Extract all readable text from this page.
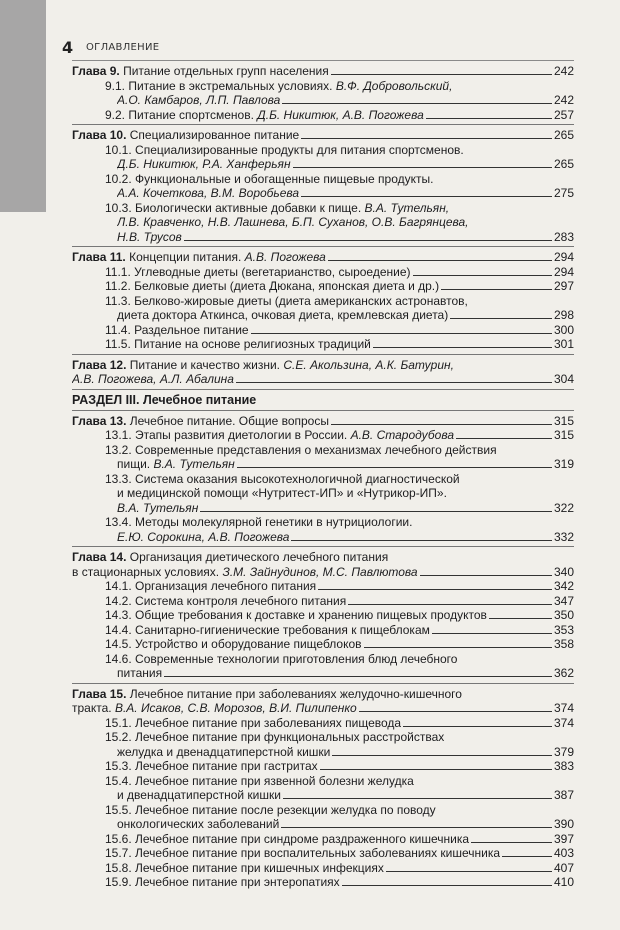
4 ОГЛАВЛЕНИЕ
Глава 9. Питание отдельных групп населения	242
9.1. Питание в экстремальных условиях. В.Ф. Добровольский,
А.О. Камбаров, Л.П. Павлова	242
9.2. Питание спортсменов. Д.Б. Никитюк, А.В. Погожева	257
Глава 10. Специализированное питание	265
10.1. Специализированные продукты для питания спортсменов.
Д.Б. Никитюк, Р.А. Ханферьян	265
10.2. Функциональные и обогащенные пищевые продукты.
А.А. Кочеткова, В.М. Воробьева	275
10.3. Биологически активные добавки к пище. В.А. Тутельян,
Л.В. Кравченко, Н.В. Лашнева, Б.П. Суханов, О.В. Багрянцева,
Н.В. Трусов	283
Глава 11. Концепции питания. А.В. Погожева	294
11.1. Углеводные диеты (вегетарианство, сыроедение)	294
11.2. Белковые диеты (диета Дюкана, японская диета и др.)	297
11.3. Белково-жировые диеты (диета американских астронавтов,
диета доктора Аткинса, очковая диета, кремлевская диета)	298
11.4. Раздельное питание	300
11.5. Питание на основе религиозных традиций	301
Глава 12. Питание и качество жизни. С.Е. Акользина, А.К. Батурин,
А.В. Погожева, А.Л. Абалина	304
РАЗДЕЛ III. Лечебное питание
Глава 13. Лечебное питание. Общие вопросы	315
13.1. Этапы развития диетологии в России. А.В. Стародубова	315
13.2. Современные представления о механизмах лечебного действия
пищи. В.А. Тутельян	319
13.3. Система оказания высокотехнологичной диагностической
и медицинской помощи «Нутритест-ИП» и «Нутрикор-ИП».
В.А. Тутельян	322
13.4. Методы молекулярной генетики в нутрициологии.
Е.Ю. Сорокина, А.В. Погожева	332
Глава 14. Организация диетического лечебного питания
в стационарных условиях. З.М. Зайнудинов, М.С. Павлютова	340
14.1. Организация лечебного питания	342
14.2. Система контроля лечебного питания	347
14.3. Общие требования к доставке и хранению пищевых продуктов	350
14.4. Санитарно-гигиенические требования к пищеблокам	353
14.5. Устройство и оборудование пищеблоков	358
14.6. Современные технологии приготовления блюд лечебного
питания	362
Глава 15. Лечебное питание при заболеваниях желудочно-кишечного
тракта. В.А. Исаков, С.В. Морозов, В.И. Пилипенко	374
15.1. Лечебное питание при заболеваниях пищевода	374
15.2. Лечебное питание при функциональных расстройствах
желудка и двенадцатиперстной кишки	379
15.3. Лечебное питание при гастритах	383
15.4. Лечебное питание при язвенной болезни желудка
и двенадцатиперстной кишки	387
15.5. Лечебное питание после резекции желудка по поводу
онкологических заболеваний	390
15.6. Лечебное питание при синдроме раздраженного кишечника	397
15.7. Лечебное питание при воспалительных заболеваниях кишечника	403
15.8. Лечебное питание при кишечных инфекциях	407
15.9. Лечебное питание при энтеропатиях	410
